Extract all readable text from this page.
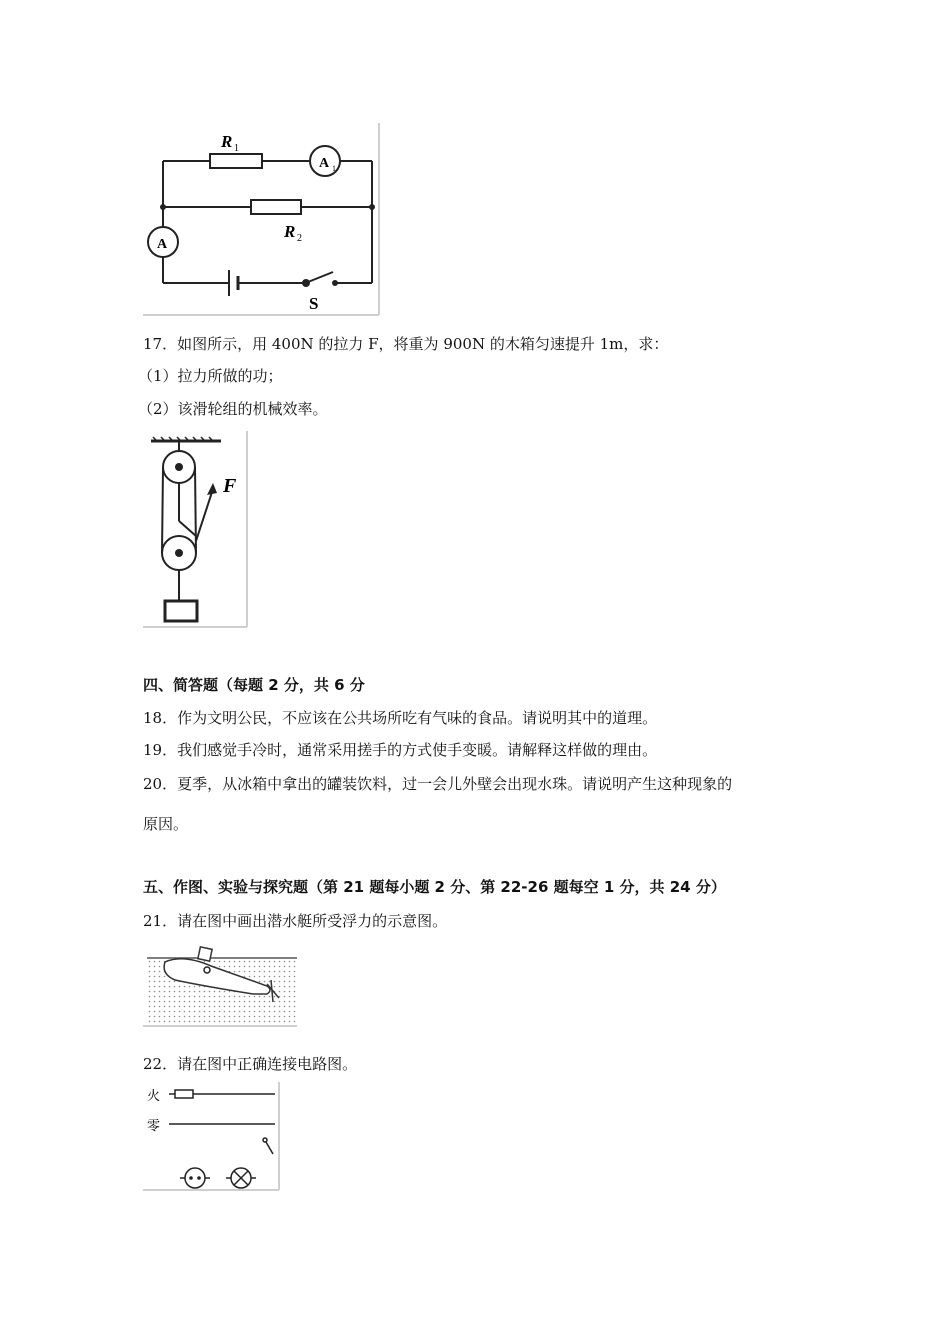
R 1
R 2
A 1
A
S
17．如图所示，用 400N 的拉力 F，将重为 900N 的木箱匀速提升 1m，求：
（1）拉力所做的功；
（2）该滑轮组的机械效率。
F
四、简答题（每题 2 分，共 6 分
18．作为文明公民，不应该在公共场所吃有气味的食品。请说明其中的道理。
19．我们感觉手冷时，通常采用搓手的方式使手变暖。请解释这样做的理由。
20．夏季，从冰箱中拿出的罐装饮料，过一会儿外壁会出现水珠。请说明产生这种现象的
原因。
五、作图、实验与探究题（第 21 题每小题 2 分、第 22-26 题每空 1 分，共 24 分）
21．请在图中画出潜水艇所受浮力的示意图。
22．请在图中正确连接电路图。
火
零
